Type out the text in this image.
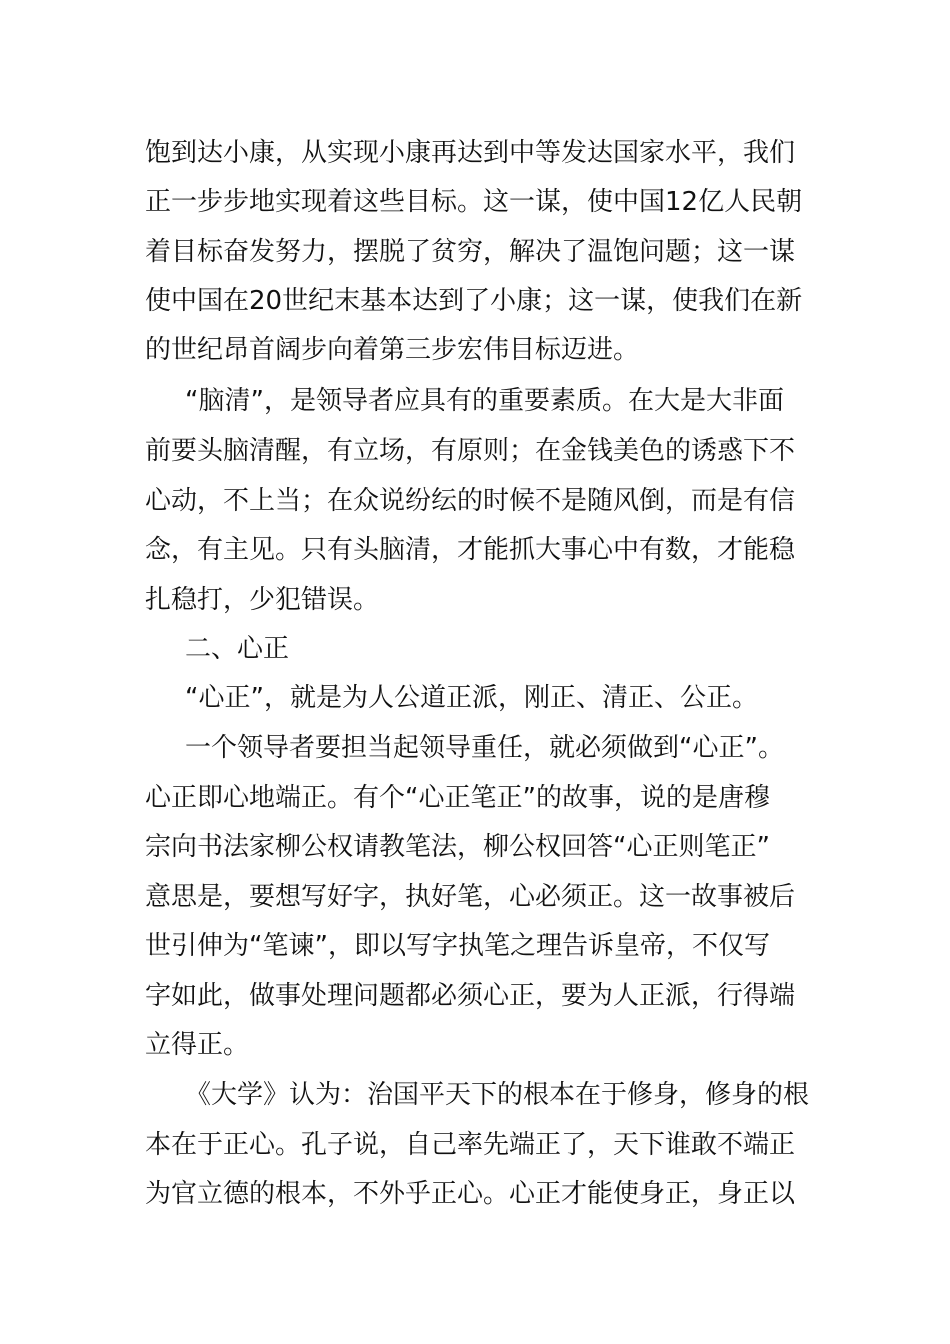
饱到达小康，从实现小康再达到中等发达国家水平，我们
正一步步地实现着这些目标。这一谋，使中国12亿人民朝
着目标奋发努力，摆脱了贫穷，解决了温饱问题；这一谋
使中国在20世纪末基本达到了小康；这一谋，使我们在新
的世纪昂首阔步向着第三步宏伟目标迈进。
“脑清”，是领导者应具有的重要素质。在大是大非面
前要头脑清醒，有立场，有原则；在金钱美色的诱惑下不
心动，不上当；在众说纷纭的时候不是随风倒，而是有信
念，有主见。只有头脑清，才能抓大事心中有数，才能稳
扎稳打，少犯错误。
二、心正
“心正”，就是为人公道正派，刚正、清正、公正。
一个领导者要担当起领导重任，就必须做到“心正”。
心正即心地端正。有个“心正笔正”的故事，说的是唐穆
宗向书法家柳公权请教笔法，柳公权回答“心正则笔正”
意思是，要想写好字，执好笔，心必须正。这一故事被后
世引伸为“笔谏”，即以写字执笔之理告诉皇帝，不仅写
字如此，做事处理问题都必须心正，要为人正派，行得端
立得正。
《大学》认为：治国平天下的根本在于修身，修身的根
本在于正心。孔子说，自己率先端正了，天下谁敢不端正
为官立德的根本，不外乎正心。心正才能使身正，身正以
